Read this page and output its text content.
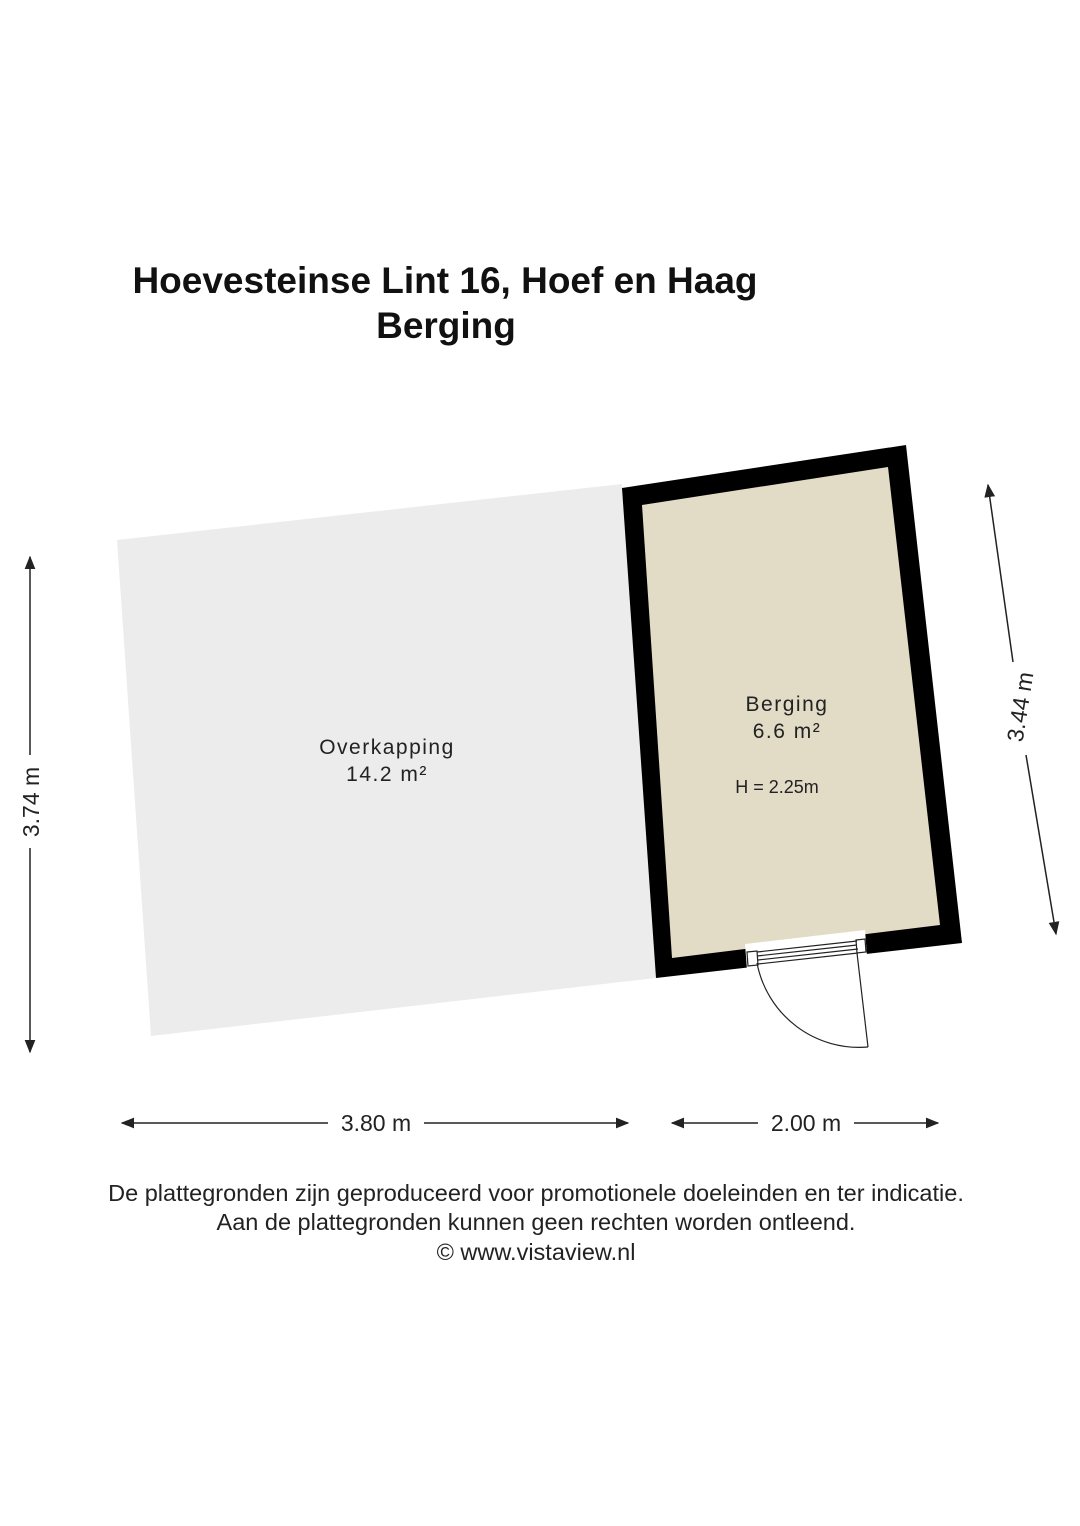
Hoevesteinse Lint 16, Hoef en Haag
Berging
Overkapping
14.2 m²
Berging
6.6 m²
H = 2.25m
3.74 m
3.44 m
3.80 m	2.00 m
De plattegronden zijn geproduceerd voor promotionele doeleinden en ter indicatie.
Aan de plattegronden kunnen geen rechten worden ontleend.
© www.vistaview.nl
